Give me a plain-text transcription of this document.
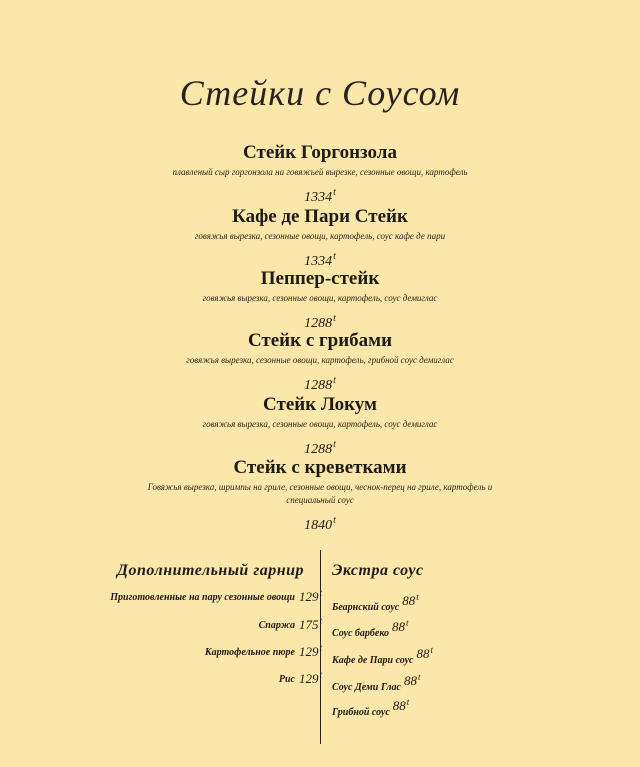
Стейки с Соусом
Стейк Горгонзола
плавленый сыр горгонзола на говяжьей вырезке, сезонные овощи, картофель
1334$^t$
Кафе де Пари Стейк
говяжья вырезка, сезонные овощи, картофель, соус кафе де пари
1334$^t$
Пеппер-стейк
говяжья вырезка, сезонные овощи, картофель, соус демиглас
1288$^t$
Стейк с грибами
говяжья вырезка, сезонные овощи, картофель, грибной соус демиглас
1288$^t$
Стейк Локум
говяжья вырезка, сезонные овощи, картофель, соус демиглас
1288$^t$
Стейк с креветками
Говяжья вырезка, шримпы на гриле, сезонные овощи, чеснок-перец на гриле, картофель и специальный соус
1840$^t$
Дополнительный гарнир
Приготовленные на пару сезонные овощи 129$^t$
Спаржа 175$^t$
Картофельное пюре 129$^t$
Рис 129$^t$
Экстра соус
Беарнский соус 88$^t$
Соус барбеко 88$^t$
Кафе де Пари соус 88$^t$
Соус Деми Глас 88$^t$
Грибной соус 88$^t$
